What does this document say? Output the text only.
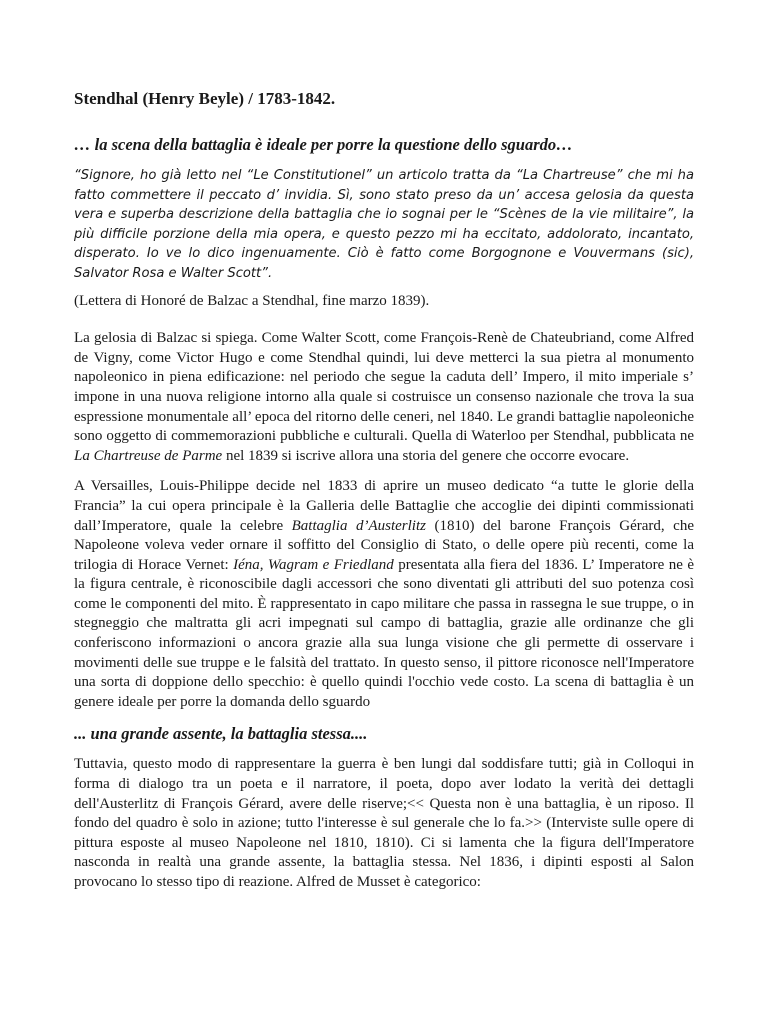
Stendhal (Henry Beyle) / 1783-1842.
… la scena della battaglia è ideale per porre la questione dello sguardo…

“Signore, ho già letto nel “Le Constitutionel” un articolo tratta da “La Chartreuse” che mi ha fatto commettere il peccato d’ invidia. Sì, sono stato preso da un’ accesa gelosia da questa vera e superba descrizione della battaglia che io sognai per le “Scènes de la vie militaire”, la più difficile porzione della mia opera, e questo pezzo mi ha eccitato, addolorato, incantato, disperato. Io ve lo dico ingenuamente. Ciò è fatto come Borgognone e Vouvermans (sic), Salvator Rosa e Walter Scott”.

(Lettera di Honoré de Balzac a Stendhal, fine marzo 1839).

La gelosia di Balzac si spiega. Come Walter Scott, come François-Renè de Chateubriand, come Alfred de Vigny, come Victor Hugo e come Stendhal quindi, lui deve metterci la sua pietra al monumento napoleonico in piena edificazione: nel periodo che segue la caduta dell’ Impero, il mito imperiale s’ impone in una nuova religione intorno alla quale si costruisce un consenso nazionale che trova la sua espressione monumentale all’ epoca del ritorno delle ceneri, nel 1840. Le grandi battaglie napoleoniche sono oggetto di commemorazioni pubbliche e culturali. Quella di Waterloo per Stendhal, pubblicata ne La Chartreuse de Parme nel 1839 si iscrive allora una storia del genere che occorre evocare.

A Versailles, Louis-Philippe decide nel 1833 di aprire un museo dedicato “a tutte le glorie della Francia” la cui opera principale è la Galleria delle Battaglie che accoglie dei dipinti commissionati dall’Imperatore, quale la celebre Battaglia d’Austerlitz (1810) del barone François Gérard, che Napoleone voleva veder ornare il soffitto del Consiglio di Stato, o delle opere più recenti, come la trilogia di Horace Vernet: Iéna, Wagram e Friedland presentata alla fiera del 1836. L’ Imperatore ne è la figura centrale, è riconoscibile dagli accessori che sono diventati gli attributi del suo potenza così come le componenti del mito. È rappresentato in capo militare che passa in rassegna le sue truppe, o in stegneggio che maltratta gli acri impegnati sul campo di battaglia, grazie alle ordinanze che gli conferiscono informazioni o ancora grazie alla sua lunga visione che gli permette di osservare i movimenti delle sue truppe e le falsità del trattato. In questo senso, il pittore riconosce nell'Imperatore una sorta di doppione dello specchio: è quello quindi l'occhio vede costo. La scena di battaglia è un genere ideale per porre la domanda dello sguardo

... una grande assente, la battaglia stessa....

Tuttavia, questo modo di rappresentare la guerra è ben lungi dal soddisfare tutti; già in Colloqui in forma di dialogo tra un poeta e il narratore, il poeta, dopo aver lodato la verità dei dettagli dell'Austerlitz di François Gérard, avere delle riserve;<< Questa non è una battaglia, è un riposo. Il fondo del quadro è solo in azione; tutto l'interesse è sul generale che lo fa.>> (Interviste sulle opere di pittura esposte al museo Napoleone nel 1810, 1810). Ci si lamenta che la figura dell'Imperatore nasconda in realtà una grande assente, la battaglia stessa. Nel 1836, i dipinti esposti al Salon provocano lo stesso tipo di reazione. Alfred de Musset è categorico:
